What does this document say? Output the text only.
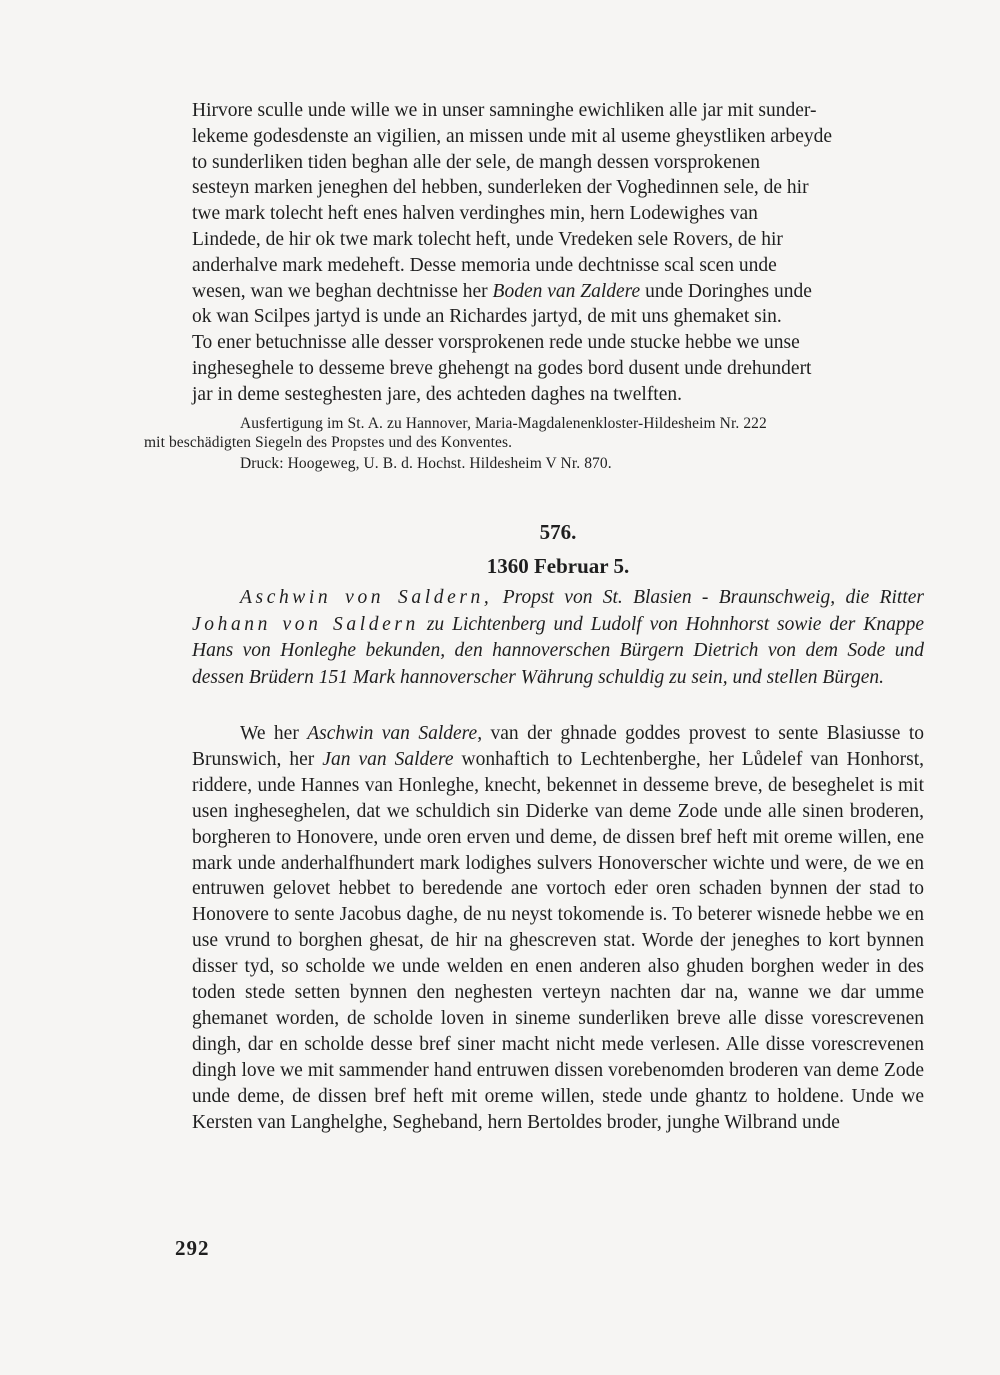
Hirvore sculle unde wille we in unser samninghe ewichliken alle jar mit sunder-
lekeme godesdenste an vigilien, an missen unde mit al useme gheystliken arbeyde
to sunderliken tiden beghan alle der sele, de mangh dessen vorsprokenen
sesteyn marken jeneghen del hebben, sunderleken der Voghedinnen sele, de hir
twe mark tolecht heft enes halven verdinghes min, hern Lodewighes van
Lindede, de hir ok twe mark tolecht heft, unde Vredeken sele Rovers, de hir
anderhalve mark medeheft. Desse memoria unde dechtnisse scal scen unde
wesen, wan we beghan dechtnisse her Boden van Zaldere unde Doringhes unde
ok wan Scilpes jartyd is unde an Richardes jartyd, de mit uns ghemaket sin.
To ener betuchnisse alle desser vorsprokenen rede unde stucke hebbe we unse
ingheseghele to desseme breve ghehengt na godes bord dusent unde drehundert
jar in deme sesteghesten jare, des achteden daghes na twelften.

Ausfertigung im St. A. zu Hannover, Maria-Magdalenenkloster-Hildesheim Nr. 222
mit beschädigten Siegeln des Propstes und des Konventes.

Druck: Hoogeweg, U. B. d. Hochst. Hildesheim V Nr. 870.

576.
1360 Februar 5.

Aschwin von Saldern, Propst von St. Blasien - Braunschweig, die Ritter Johann von Saldern zu Lichtenberg und Ludolf von Hohnhorst sowie der Knappe Hans von Honleghe bekunden, den hannoverschen Bürgern Dietrich von dem Sode und dessen Brüdern 151 Mark hannoverscher Währung schuldig zu sein, und stellen Bürgen.

We her Aschwin van Saldere, van der ghnade goddes provest to sente Blasiusse to Brunswich, her Jan van Saldere wonhaftich to Lechtenberghe, her Lůdelef van Honhorst, riddere, unde Hannes van Honleghe, knecht, bekennet in desseme breve, de beseghelet is mit usen ingheseghelen, dat we schuldich sin Diderke van deme Zode unde alle sinen broderen, borgheren to Honovere, unde oren erven und deme, de dissen bref heft mit oreme willen, ene mark unde anderhalfhundert mark lodighes sulvers Honoverscher wichte und were, de we en entruwen gelovet hebbet to beredende ane vortoch eder oren schaden bynnen der stad to Honovere to sente Jacobus daghe, de nu neyst tokomende is. To beterer wisnede hebbe we en use vrund to borghen ghesat, de hir na ghescreven stat. Worde der jeneghes to kort bynnen disser tyd, so scholde we unde welden en enen anderen also ghuden borghen weder in des toden stede setten bynnen den neghesten verteyn nachten dar na, wanne we dar umme ghemanet worden, de scholde loven in sineme sunderliken breve alle disse vorescrevenen dingh, dar en scholde desse bref siner macht nicht mede verlesen. Alle disse vorescrevenen dingh love we mit sammender hand entruwen dissen vorebenomden broderen van deme Zode unde deme, de dissen bref heft mit oreme willen, stede unde ghantz to holdene. Unde we Kersten van Langhelghe, Segheband, hern Bertoldes broder, junghe Wilbrand unde

292
